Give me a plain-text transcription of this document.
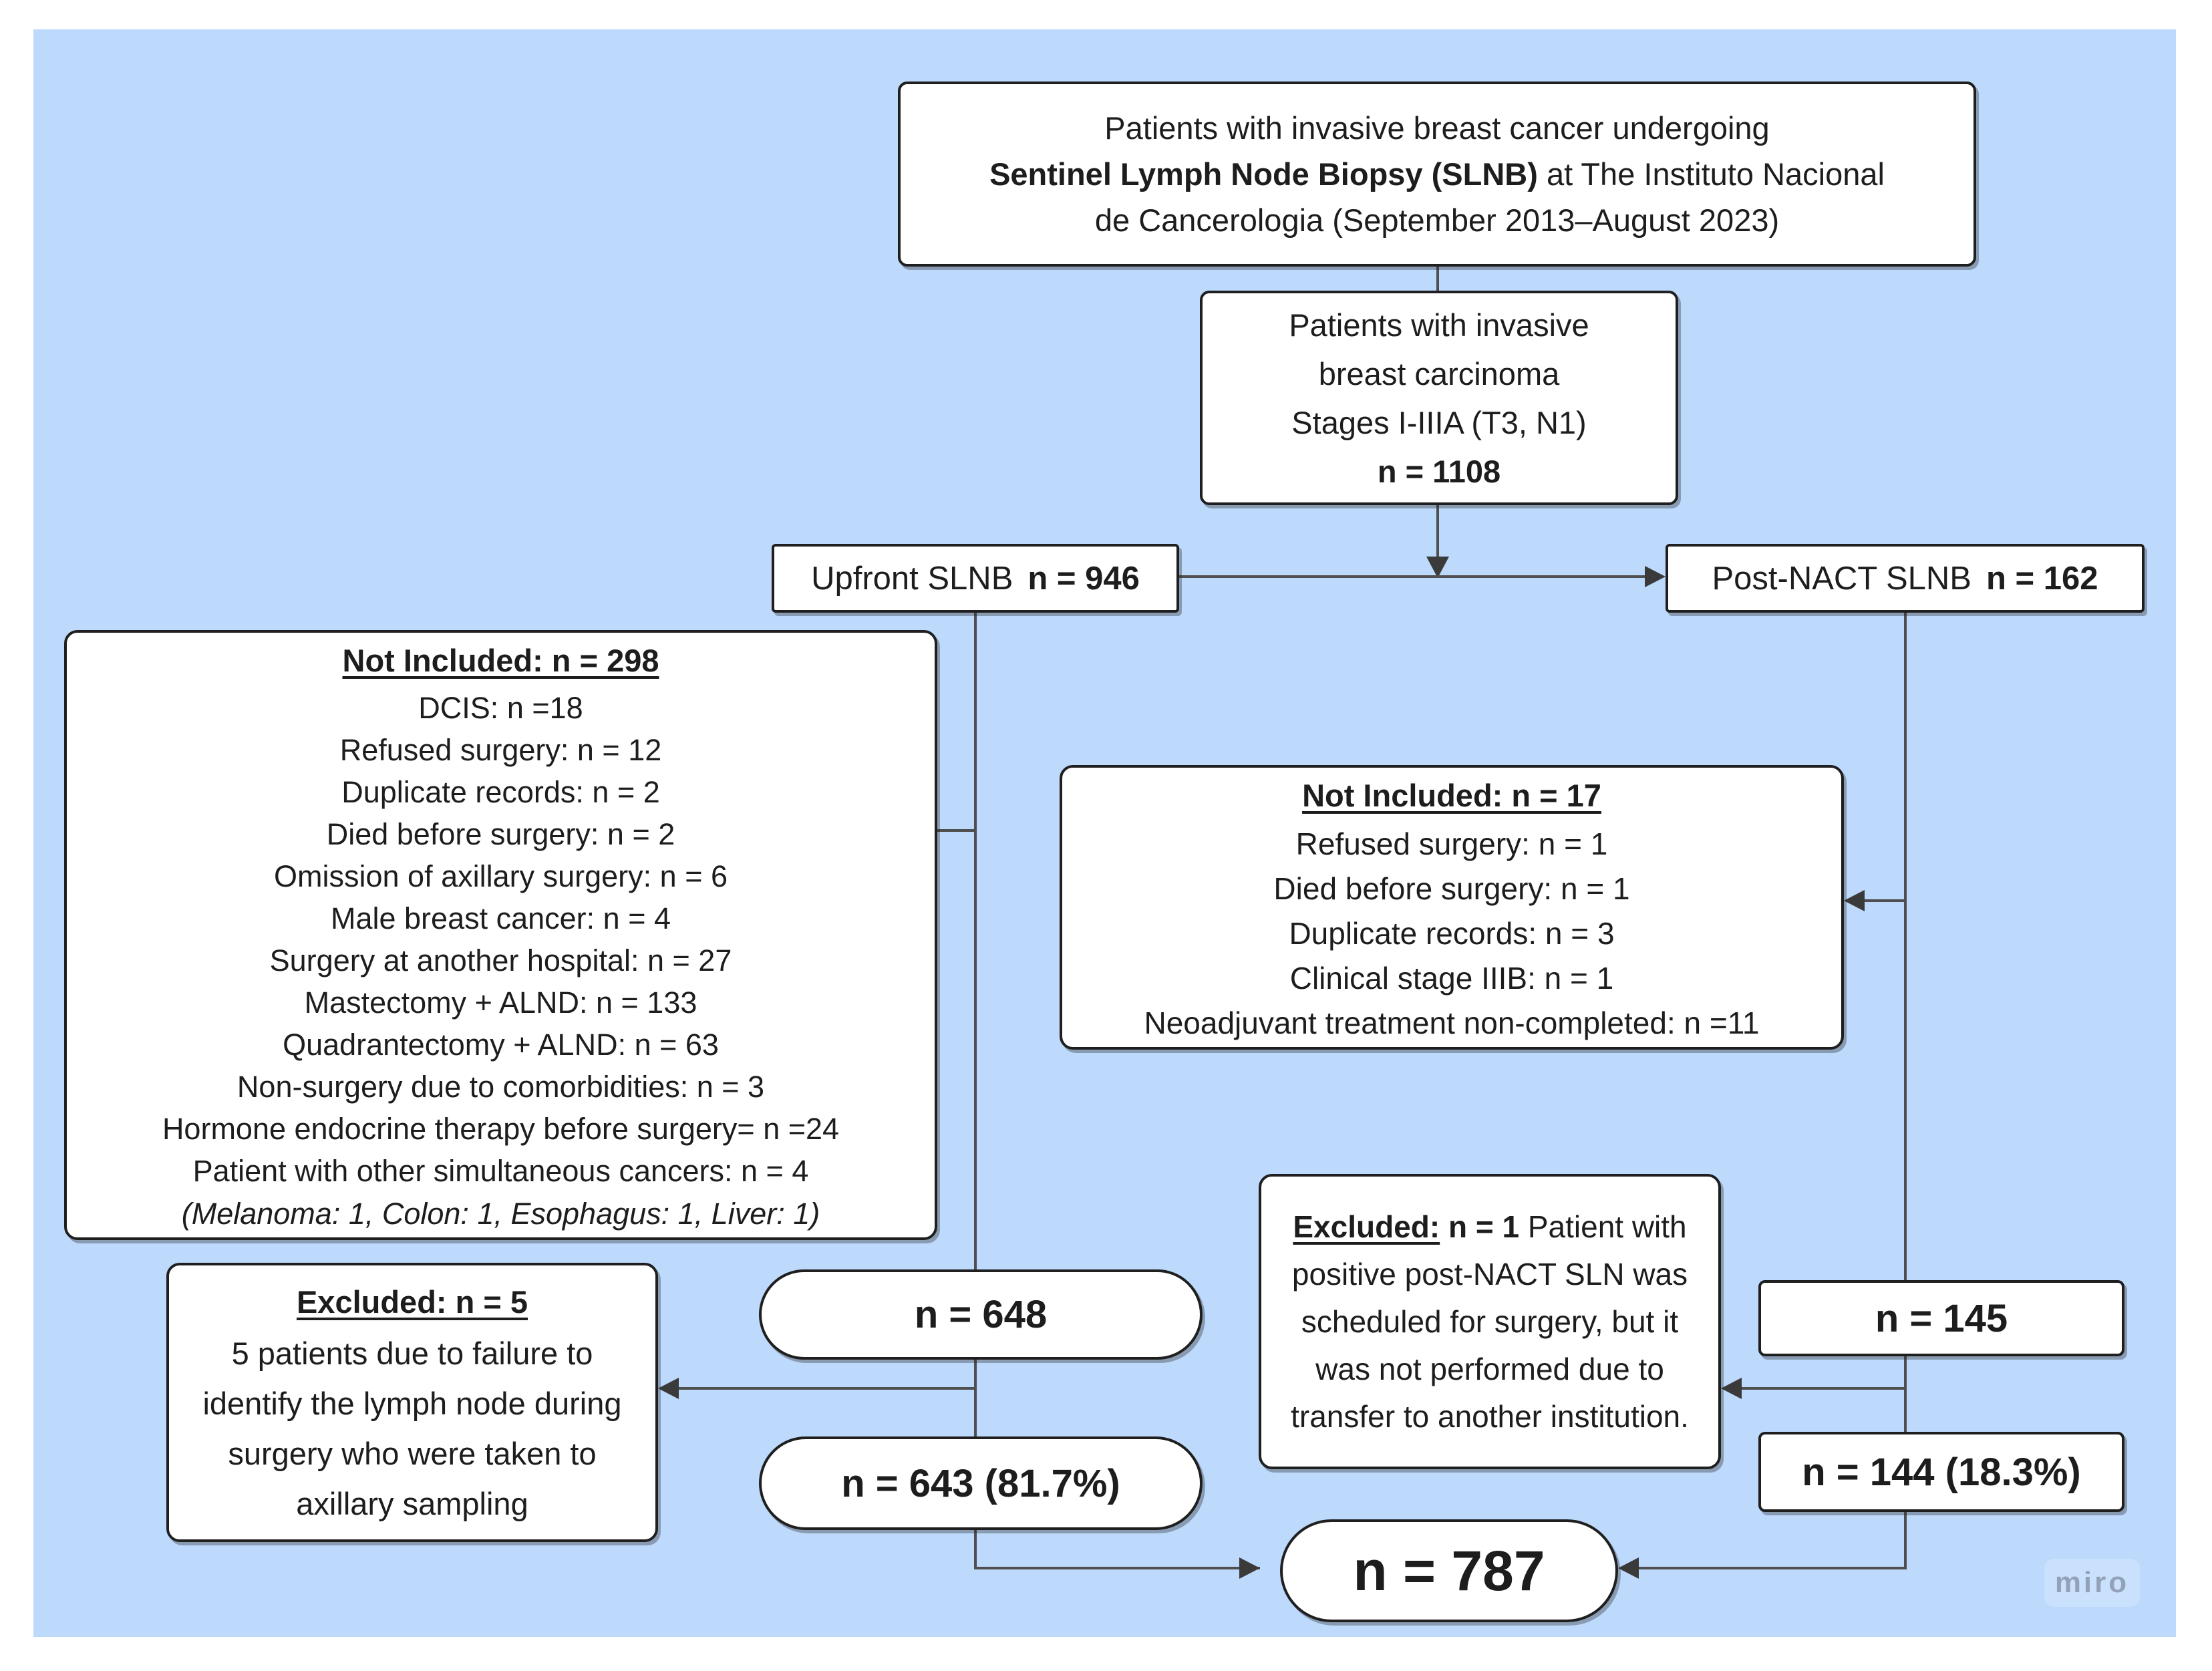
Patients with invasive breast cancer undergoing
Sentinel Lymph Node Biopsy (SLNB) at The Instituto Nacional
de Cancerologia (September 2013–August 2023)
Patients with invasive
breast carcinoma
Stages I-IIIA (T3, N1)
n = 1108
Upfront SLNB n = 946	Post-NACT SLNB n = 162
Not Included: n = 298
DCIS: n =18
Refused surgery: n = 12
Duplicate records: n = 2
Died before surgery: n = 2
Omission of axillary surgery: n = 6
Male breast cancer: n = 4
Surgery at another hospital: n = 27
Mastectomy + ALND: n = 133
Quadrantectomy + ALND: n = 63
Non-surgery due to comorbidities: n = 3
Hormone endocrine therapy before surgery= n =24
Patient with other simultaneous cancers: n = 4
(Melanoma: 1, Colon: 1, Esophagus: 1, Liver: 1)
Not Included: n = 17
Refused surgery: n = 1
Died before surgery: n = 1
Duplicate records: n = 3
Clinical stage IIIB: n = 1
Neoadjuvant treatment non-completed: n =11
Excluded: n = 5
5 patients due to failure to identify the lymph node during surgery who were taken to axillary sampling
Excluded: n = 1 Patient with positive post-NACT SLN was scheduled for surgery, but it was not performed due to transfer to another institution.
n = 648
n = 643 (81.7%)
n = 145
n = 144 (18.3%)
n = 787	miro
